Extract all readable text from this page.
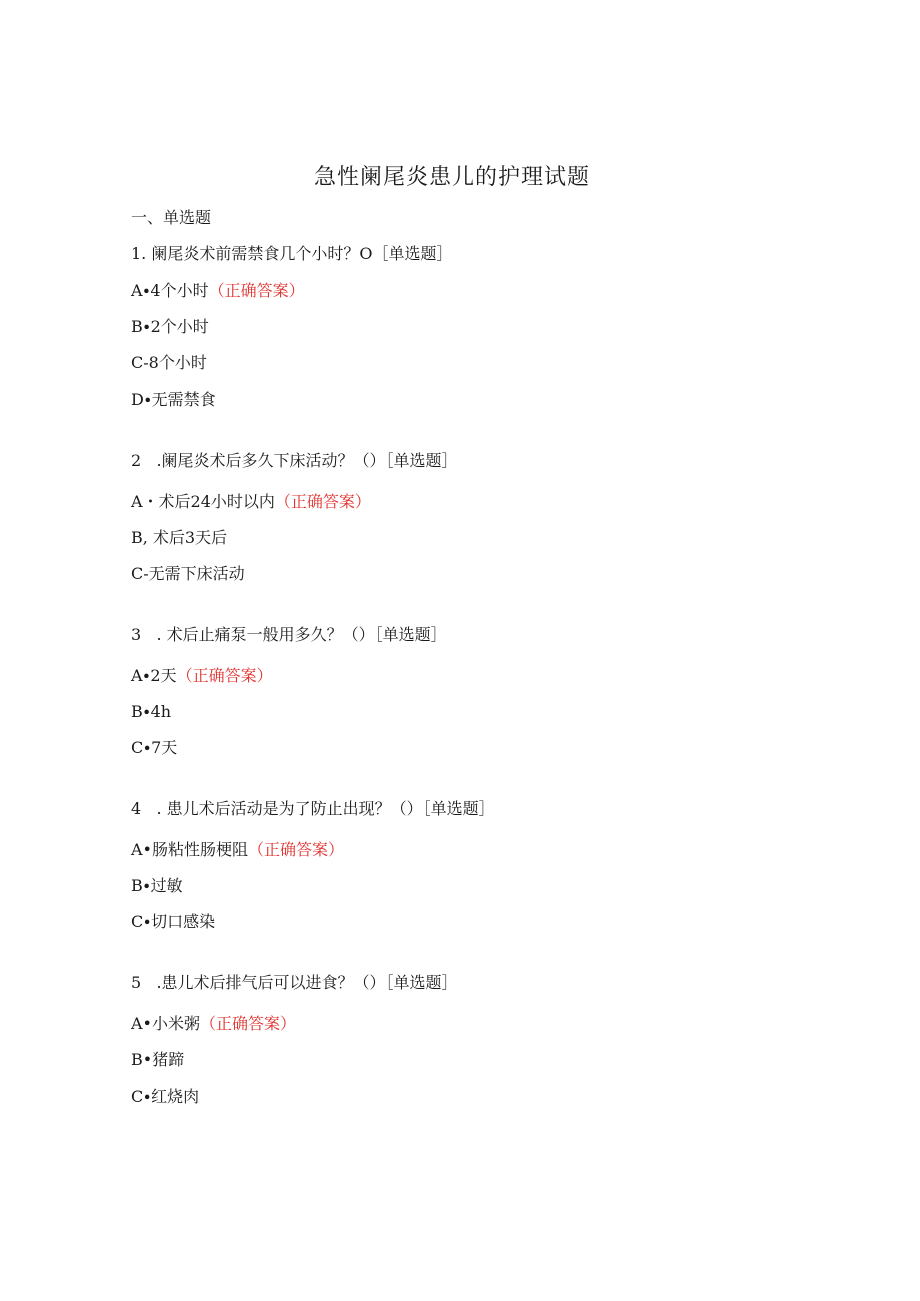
急性阑尾炎患儿的护理试题
一、单选题
1. 阑尾炎术前需禁食几个小时？O［单选题］
A∙4个小时（正确答案）
B∙2个小时
C-8个小时
D∙无需禁食
2   .阑尾炎术后多久下床活动？（）［单选题］
A・术后24小时以内（正确答案）
B, 术后3天后
C-无需下床活动
3   . 术后止痛泵一般用多久？（）［单选题］
A∙2天（正确答案）
B∙4h
C∙7天
4   . 患儿术后活动是为了防止出现？（）［单选题］
A•肠粘性肠梗阻（正确答案）
B∙过敏
C∙切口感染
5   .患儿术后排气后可以进食？（）［单选题］
A•小米粥（正确答案）
B•猪蹄
C∙红烧肉
